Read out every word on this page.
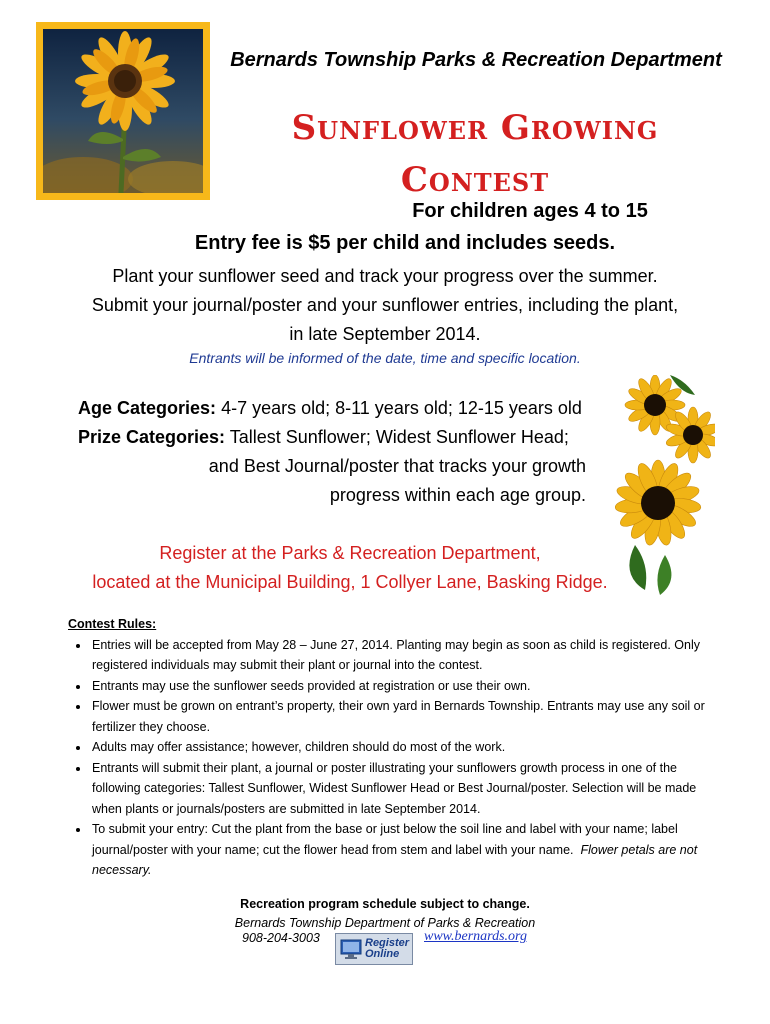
Bernards Township Parks & Recreation Department
Sunflower Growing
Contest
For children ages 4 to 15
Entry fee is $5 per child and includes seeds.
Plant your sunflower seed and track your progress over the summer.
Submit your journal/poster and your sunflower entries, including the plant,
in late September 2014.
Entrants will be informed of the date, time and specific location.
Age Categories: 4-7 years old; 8-11 years old; 12-15 years old
Prize Categories: Tallest Sunflower; Widest Sunflower Head;
and Best Journal/poster that tracks your growth
progress within each age group.
Register at the Parks & Recreation Department,
located at the Municipal Building, 1 Collyer Lane, Basking Ridge.
Contest Rules:
• Entries will be accepted from May 28 – June 27, 2014. Planting may begin as soon as child is registered. Only registered individuals may submit their plant or journal into the contest.
• Entrants may use the sunflower seeds provided at registration or use their own.
• Flower must be grown on entrant’s property, their own yard in Bernards Township. Entrants may use any soil or fertilizer they choose.
• Adults may offer assistance; however, children should do most of the work.
• Entrants will submit their plant, a journal or poster illustrating your sunflowers growth process in one of the following categories: Tallest Sunflower, Widest Sunflower Head or Best Journal/poster. Selection will be made when plants or journals/posters are submitted in late September 2014.
• To submit your entry: Cut the plant from the base or just below the soil line and label with your name; label journal/poster with your name; cut the flower head from stem and label with your name. Flower petals are not necessary.
Recreation program schedule subject to change.
Bernards Township Department of Parks & Recreation
908-204-3003	Register
Online
www.bernards.org
